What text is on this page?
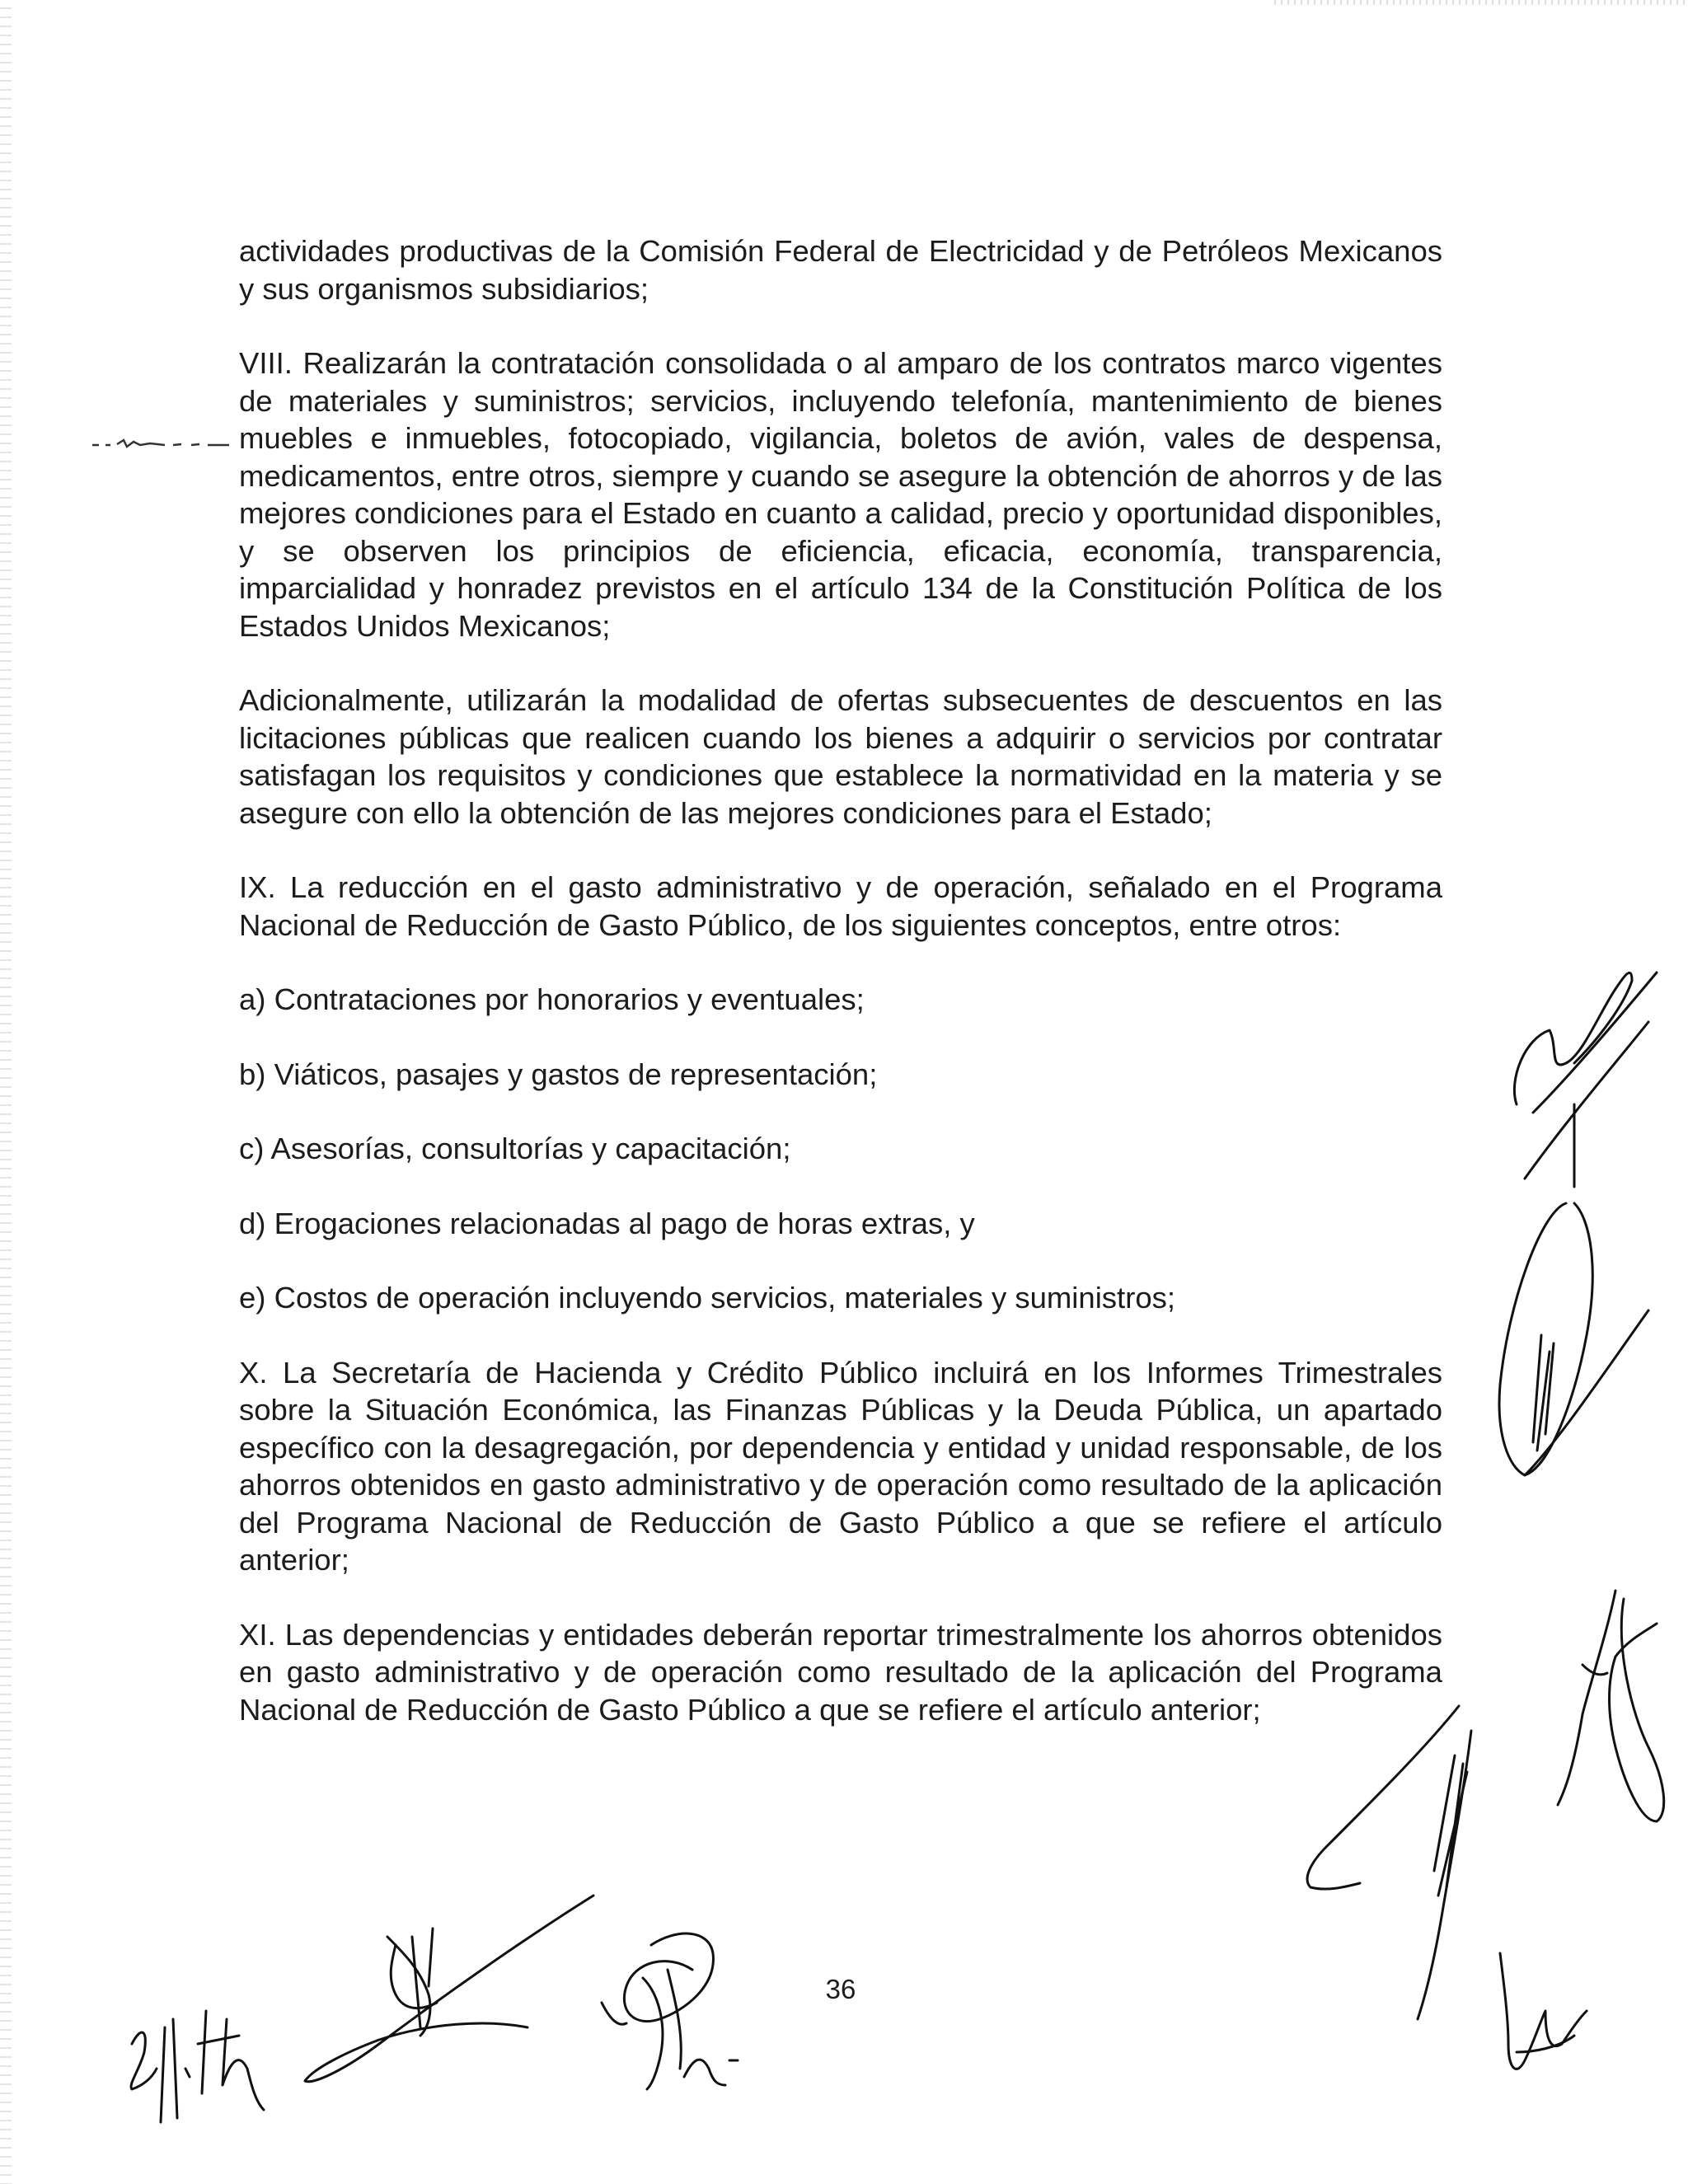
actividades productivas de la Comisión Federal de Electricidad y de Petróleos Mexicanos y sus organismos subsidiarios;

VIII. Realizarán la contratación consolidada o al amparo de los contratos marco vigentes de materiales y suministros; servicios, incluyendo telefonía, mantenimiento de bienes muebles e inmuebles, fotocopiado, vigilancia, boletos de avión, vales de despensa, medicamentos, entre otros, siempre y cuando se asegure la obtención de ahorros y de las mejores condiciones para el Estado en cuanto a calidad, precio y oportunidad disponibles, y se observen los principios de eficiencia, eficacia, economía, transparencia, imparcialidad y honradez previstos en el artículo 134 de la Constitución Política de los Estados Unidos Mexicanos;

Adicionalmente, utilizarán la modalidad de ofertas subsecuentes de descuentos en las licitaciones públicas que realicen cuando los bienes a adquirir o servicios por contratar satisfagan los requisitos y condiciones que establece la normatividad en la materia y se asegure con ello la obtención de las mejores condiciones para el Estado;

IX. La reducción en el gasto administrativo y de operación, señalado en el Programa Nacional de Reducción de Gasto Público, de los siguientes conceptos, entre otros:

a) Contrataciones por honorarios y eventuales;

b) Viáticos, pasajes y gastos de representación;

c) Asesorías, consultorías y capacitación;

d) Erogaciones relacionadas al pago de horas extras, y

e) Costos de operación incluyendo servicios, materiales y suministros;

X. La Secretaría de Hacienda y Crédito Público incluirá en los Informes Trimestrales sobre la Situación Económica, las Finanzas Públicas y la Deuda Pública, un apartado específico con la desagregación, por dependencia y entidad y unidad responsable, de los ahorros obtenidos en gasto administrativo y de operación como resultado de la aplicación del Programa Nacional de Reducción de Gasto Público a que se refiere el artículo anterior;

XI. Las dependencias y entidades deberán reportar trimestralmente los ahorros obtenidos en gasto administrativo y de operación como resultado de la aplicación del Programa Nacional de Reducción de Gasto Público a que se refiere el artículo anterior;

36
